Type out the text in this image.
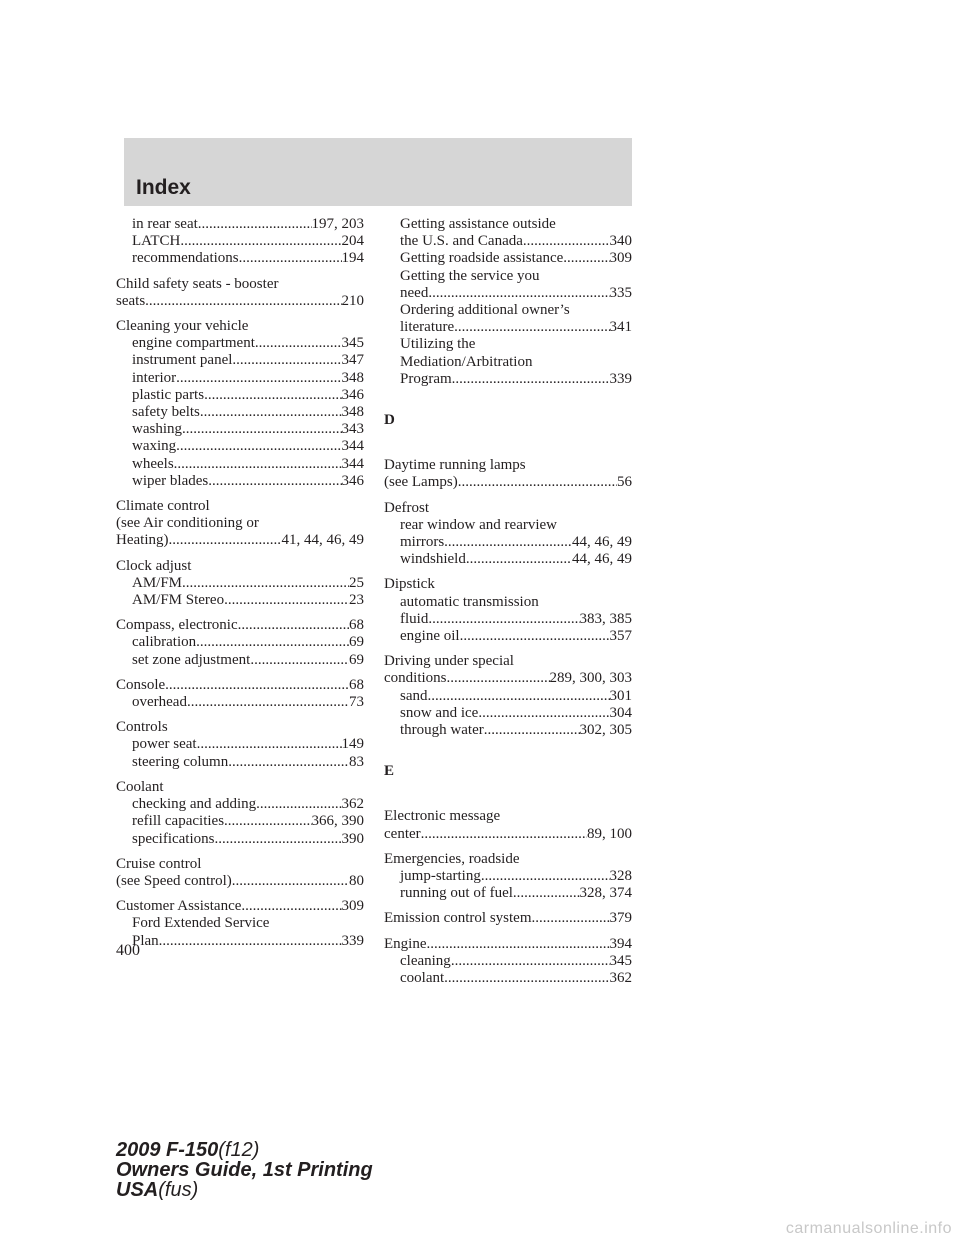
Index
in rear seat .....	197, 203
LATCH .....	204
recommendations .....	194
Child safety seats - booster
seats .....	210
Cleaning your vehicle
engine compartment .....	345
instrument panel .....	347
interior .....	348
plastic parts .....	346
safety belts .....	348
washing .....	343
waxing .....	344
wheels .....	344
wiper blades .....	346
Climate control
(see Air conditioning or
Heating) .....	41, 44, 46, 49
Clock adjust
AM/FM .....	25
AM/FM Stereo .....	23
Compass, electronic .....	68
calibration .....	69
set zone adjustment .....	69
Console .....	68
overhead .....	73
Controls
power seat .....	149
steering column .....	83
Coolant
checking and adding .....	362
refill capacities .....	366, 390
specifications .....	390
Cruise control
(see Speed control) .....	80
Customer Assistance .....	309
Ford Extended Service
Plan .....	339
Getting assistance outside
the U.S. and Canada .....	340
Getting roadside assistance .....	309
Getting the service you
need .....	335
Ordering additional owner’s
literature .....	341
Utilizing the
Mediation/Arbitration
Program .....	339
D
Daytime running lamps
(see Lamps) .....	56
Defrost
rear window and rearview
mirrors .....	44, 46, 49
windshield .....	44, 46, 49
Dipstick
automatic transmission
fluid .....	383, 385
engine oil .....	357
Driving under special
conditions .....	289, 300, 303
sand .....	301
snow and ice .....	304
through water .....	302, 305
E
Electronic message
center .....	89, 100
Emergencies, roadside
jump-starting .....	328
running out of fuel .....	328, 374
Emission control system .....	379
Engine .....	394
cleaning .....	345
coolant .....	362
400
2009 F-150(f12)
Owners Guide, 1st Printing
USA(fus)
carmanualsonline.info
